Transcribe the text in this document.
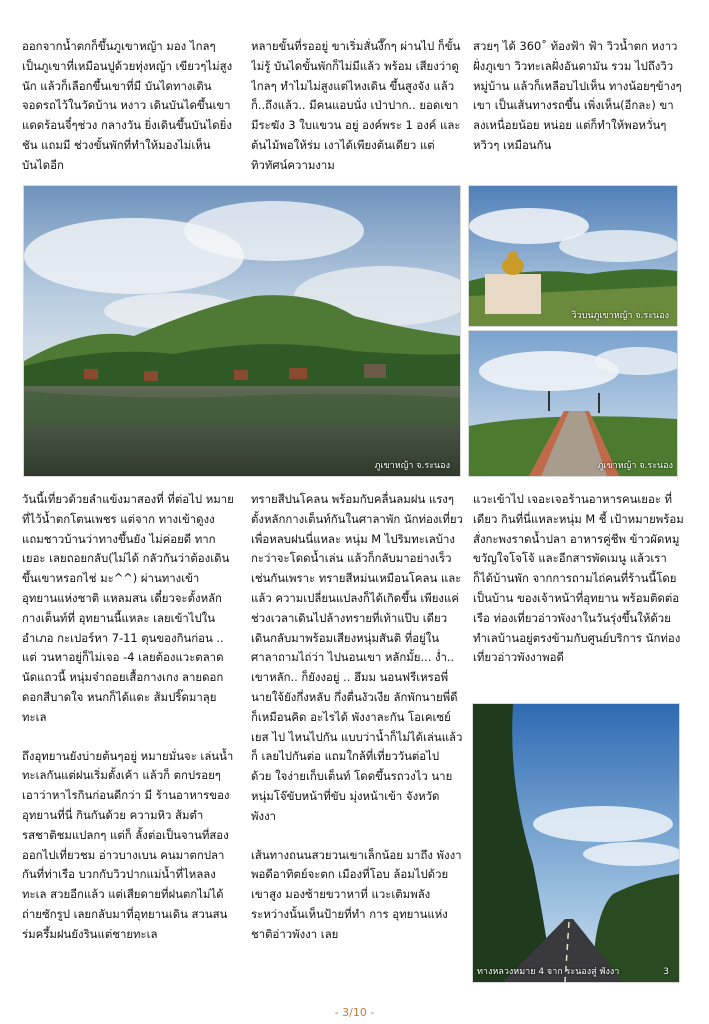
ออกจากน้ำตกก็ขึ้นภูเขาหญ้า มอง ไกลๆ เป็นภูเขาที่เหมือนปูด้วยทุ่งหญ้า เขียวๆไม่สูงนัก แล้วก็เลือกขึ้นเขาที่มี บันไดทางเดิน จอดรถไว้ในวัดบ้าน หงาว เดินบันไดขึ้นเขาแดดร้อนจี๋ๆช่วง กลางวัน ยิ่งเดินขึ้นบันไดยิ่งชัน แถมมี ช่วงขั้นพักที่ทำให้มองไม่เห็นบันไดอีก

หลายขั้นที่รออยู่ ขาเริ่มสั่นงึ๊กๆ ผ่านไป ก็ขั้นไม่รู้ บันไดขั้นพักก็ไม่มีแล้ว พร้อม เสียงว่าดูไกลๆ ทำไมไม่สูงแต่ไหงเดิน ขึ้นสูงจัง แล้วก็..ถึงแล้ว.. มีคนแอบนั่ง เป่าปาก.. ยอดเขา มีระฆัง 3 ใบแขวน อยู่ องค์พระ 1 องค์ และต้นไม้พอให้ร่ม เงาได้เพียงต้นเดียว แต่ทิวทัศน์ความงาม

สวยๆ ได้ 360˚ ท้องฟ้า ฟ้า วิวน้ำตก หงาวฝั่งภูเขา วิวทะเลฝั่งอันดามัน รวม ไปถึงวิวหมู่บ้าน แล้วก็เหลือบไปเห็น ทางน้อยๆข้างๆเขา เป็นเส้นทางรถขึ้น เพิ่งเห็น(อีกละ) ขาลงเหนื่อยน้อย หน่อย แต่ก็ทำให้พอหวั่นๆ หวิวๆ เหมือนกัน

ภูเขาหญ้า จ.ระนอง
วิวบนภูเขาหญ้า จ.ระนอง
ภูเขาหญ้า จ.ระนอง

วันนี้เที่ยวด้วยลำแข้งมาสองที่ ที่ต่อไป หมายที่ไว้น้ำตกโตนเพชร แต่จาก ทางเข้าดูงง แถมชาวบ้านว่าทางขึ้นยัง ไม่ค่อยดี ทากเยอะ เลยถอยกลับ(ไม่ได้ กลัวกันว่าต้องเดินขึ้นเขาหรอกไช่ มะ^^) ผ่านทางเข้า อุทยานแห่งชาติ แหลมสน เดี๋ยวจะตั้งหลักกางเต็นท์ที่ อุทยานนี้แหละ เลยเข้าไปในอำเภอ กะเปอร์หา 7-11 ตุนของกินก่อน .. แต่ วนหาอยู่ก็ไม่เจอ -4 เลยต้องแวะตลาด นัดแถวนี้ หนุ่มจ๋าถอยเสื้อกางเกง ลายดอกดอกสีบาดใจ หนกก็ได้แดะ ส้มปริ๊ดมาลุยทะเล

ถึงอุทยานยังบ่ายต้นๆอยู่ หมายมั่นจะ เล่นน้ำทะเลกันแต่ฝนเริ่มตั้งเค้า แล้วก็ ตกปรอยๆ เอาว่าหาไรกินก่อนดีกว่า มี ร้านอาหารของอุทยานที่นี่ กินกันด้วย ความหิว ส้มตำรสชาติชมแปลกๆ แต่ก็ ลั้งต่อเป็นจานที่สอง ออกไปเที่ยวชม อ่าวบางเบน คนมาตกปลากันที่ท่าเรือ บวกกับวิวปากแม่น้ำที่ไหลลงทะเล สวยอีกแล้ว แต่เสียดายที่ฝนตกไม่ได้ ถ่ายซักรูป เลยกลับมาที่อุทยานเดิน สวนสนร่มครึ้มฝนยังรินแต่ชายทะเล

ทรายสีปนโคลน พร้อมกับคลื่นลมฝน แรงๆ ตั้งหลักกางเต็นท์กันในศาลาพัก นักท่องเที่ยวเพื่อหลบฝนนี่แหละ หนุ่ม M ไปริมทะเลบ้างกะว่าจะโดดน้ำเล่น แล้วก็กลับมาอย่างเร็วเช่นกันเพราะ ทรายสีหม่นเหมือนโคลน และแล้ว ความเปลี่ยนแปลงก็ได้เกิดขึ้น เพียงแค่ ช่วงเวลาเดินไปล้างทรายที่เท้าแป๊บ เดียว เดินกลับมาพร้อมเสียงหนุ่มสันติ ที่อยู่ในศาลาถามไถ่ว่า ไปนอนเขา หลักมั้ย... ง่ำ.. เขาหลัก.. ก็ยังงอยู่ .. ฮึมม นอนฟรีเหรอพี่ นายใจ้ยังกึ่งหลับ กึ่งตื่นงัวเงีย ลักพักนายพี่ดีก็เหมือนคิด อะไรได้ พังงาละกัน โอเคเซย์เยส ไป ไหนไปกัน แบบว่าน้ำก็ไม่ได้เล่นแล้วก็ เลยไปกันต่อ แถมใกล้ที่เที่ยววันต่อไป ด้วย ใจง่ายเก็บเต็นท์ โดดขึ้นรถวงไว นายหนุ่มโจ๊ขับหน้าที่ขับ มุ่งหน้าเข้า จังหวัดพังงา

เส้นทางถนนสวยวนเขาเล็กน้อย มาถึง พังงาพอดีอาทิตย์จะตก เมืองที่โอบ ล้อมไปด้วยเขาสูง มองซ้ายขวาหาที่ แวะเติมพลัง ระหว่างนั้นเห็นป้ายที่ทำ การ อุทยานแห่งชาติอ่าวพังงา เลย

แวะเข้าไป เจอะเจอร้านอาหารคนเยอะ ที่เดียว กินที่นี่แหละหนุ่ม M ชี้ เป้าหมายพร้อมสั่งกะพงราดน้ำปลา อาหารคู่ชีพ ข้าวผัดหมูขวัญใจโจโจ้ และอีกสารพัดเมนู แล้วเราก็ได้บ้านพัก จากการถามไถ่คนที่ร้านนี้โดยเป็นบ้าน ของเจ้าหน้าที่อุทยาน พร้อมติดต่อเรือ ท่องเที่ยวอ่าวพังงาในวันรุ่งขึ้นให้ด้วย ทำเลบ้านอยู่ตรงข้ามกับศูนย์บริการ นักท่องเที่ยวอ่าวพังงาพอดี

ทางหลวงหมาย 4 จาก ระนองสู่ พังงา	3
- 3/10 -
